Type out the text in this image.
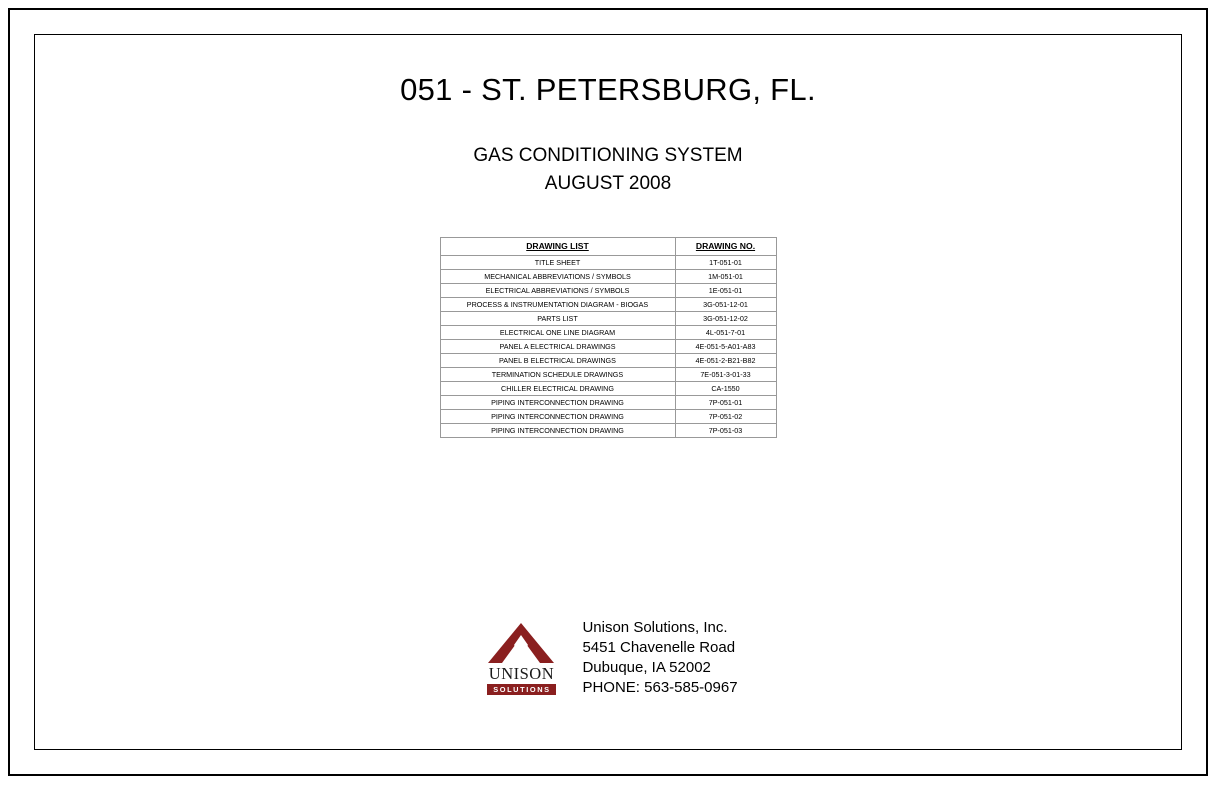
051 - ST. PETERSBURG, FL.
GAS CONDITIONING SYSTEM
AUGUST 2008
DRAWING LIST	DRAWING NO.
TITLE SHEET	1T-051-01
MECHANICAL ABBREVIATIONS / SYMBOLS	1M-051-01
ELECTRICAL ABBREVIATIONS / SYMBOLS	1E-051-01
PROCESS & INSTRUMENTATION DIAGRAM - BIOGAS	3G-051-12-01
PARTS LIST	3G-051-12-02
ELECTRICAL ONE LINE DIAGRAM	4L-051-7-01
PANEL A ELECTRICAL DRAWINGS	4E-051-5-A01-A83
PANEL B ELECTRICAL DRAWINGS	4E-051-2-B21-B82
TERMINATION SCHEDULE DRAWINGS	7E-051-3-01-33
CHILLER ELECTRICAL DRAWING	CA-1550
PIPING INTERCONNECTION DRAWING	7P-051-01
PIPING INTERCONNECTION DRAWING	7P-051-02
PIPING INTERCONNECTION DRAWING	7P-051-03
UNISON
SOLUTIONS
Unison Solutions, Inc.
5451 Chavenelle Road
Dubuque, IA 52002
PHONE: 563-585-0967
